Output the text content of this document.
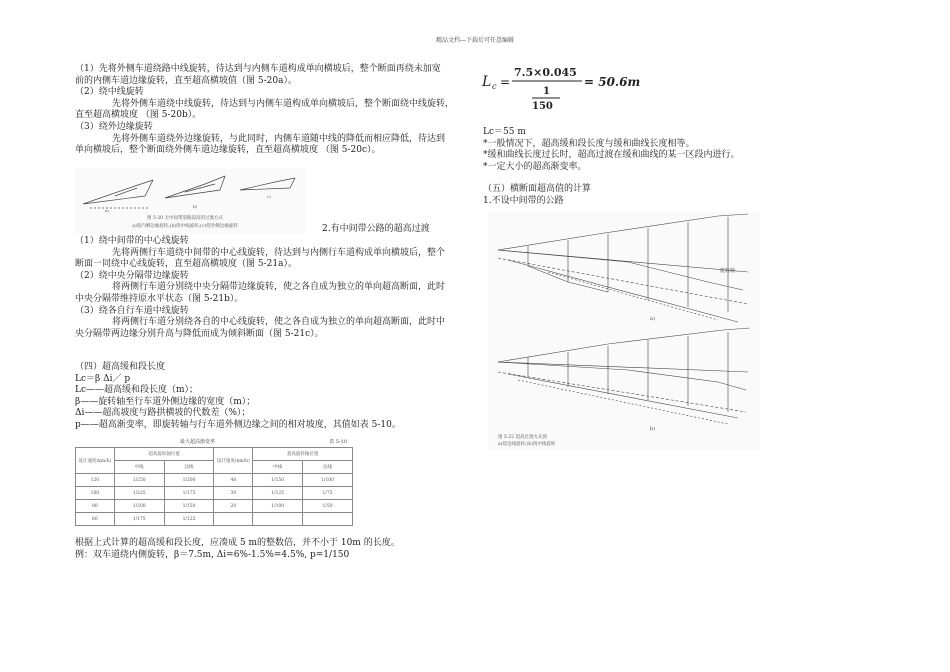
精品文档---下载后可任意编辑
（1）先将外侧车道绕路中线旋转，待达到与内侧车道构成单向横坡后，整个断面再绕未加宽
前的内侧车道边缘旋转，直至超高横坡值（图 5-20a）。
（2）绕中线旋转
先将外侧车道绕中线旋转，待达到与内侧车道构成单向横坡后，整个断面绕中线旋转，
直至超高横坡度 （图 5-20b）。
（3）绕外边缘旋转
先将外侧车道绕外边缘旋转，与此同时，内侧车道随中线的降低而相应降低，待达到
单向横坡后，整个断面绕外侧车道边缘旋转，直至超高横坡度 （图 5-20c）。
a)
b)
c)
图 5-20 无中间带道路超高的过渡方式
a)绕内侧边缘旋转;(b)绕中线旋转;(c)绕外侧边缘旋转	2.有中间带公路的超高过渡
（1）绕中间带的中心线旋转
先将两侧行车道绕中间带的中心线旋转，待达到与内侧行车道构成单向横坡后，整个
断面一同绕中心线旋转，直至超高横坡度（图 5-21a）。
（2）绕中央分隔带边缘旋转
将两侧行车道分别绕中央分隔带边缘旋转，使之各自成为独立的单向超高断面，此时
中央分隔带维持原水平状态（图 5-21b）。
（3）绕各自行车道中线旋转
将两侧行车道分别绕各自的中心线旋转，使之各自成为独立的单向超高断面，此时中
央分隔带两边缘分别升高与降低而成为倾斜断面（图 5-21c）。
（四）超高缓和段长度
Lc＝β Δi／ p
Lc——超高缓和段长度（m）；
β——旋转轴至行车道外侧边缘的宽度（m）；
Δi——超高坡度与路拱横坡的代数差（%）；
p——超高渐变率，即旋转轴与行车道外侧边缘之间的相对坡度，其值如表 5-10。
最大超高渐变率	表 5-10
设计速度(km/h)	超高旋转轴位置		设计速度(km/h)	超高旋转轴位置	
	中线	边线		中线	边线
120	1/250	1/200	40	1/150	1/100
100	1/225	1/175	30	1/125	1/75
80	1/200	1/150	20	1/100	1/50
60	1/175	1/125			
根据上式计算的超高缓和段长度，应凑成 5 m的整数倍，并不小于 10m 的长度。
例：双车道绕内侧旋转，β＝7.5m, Δi=6%-1.5%=4.5%, p=1/150
L c =
7.5×0.045
1
150
= 50.6m
Lc＝55 m
*一般情况下，超高缓和段长度与缓和曲线长度相等。
*缓和曲线长度过长时，超高过渡在缓和曲线的某一区段内进行。
*一定大小的超高渐变率。
（五）横断面超高值的计算
1.不设中间带的公路
旋转轴
a)
b)
图 5-22 超高过渡方式图
a)绕边线旋转;(b)绕中线旋转
